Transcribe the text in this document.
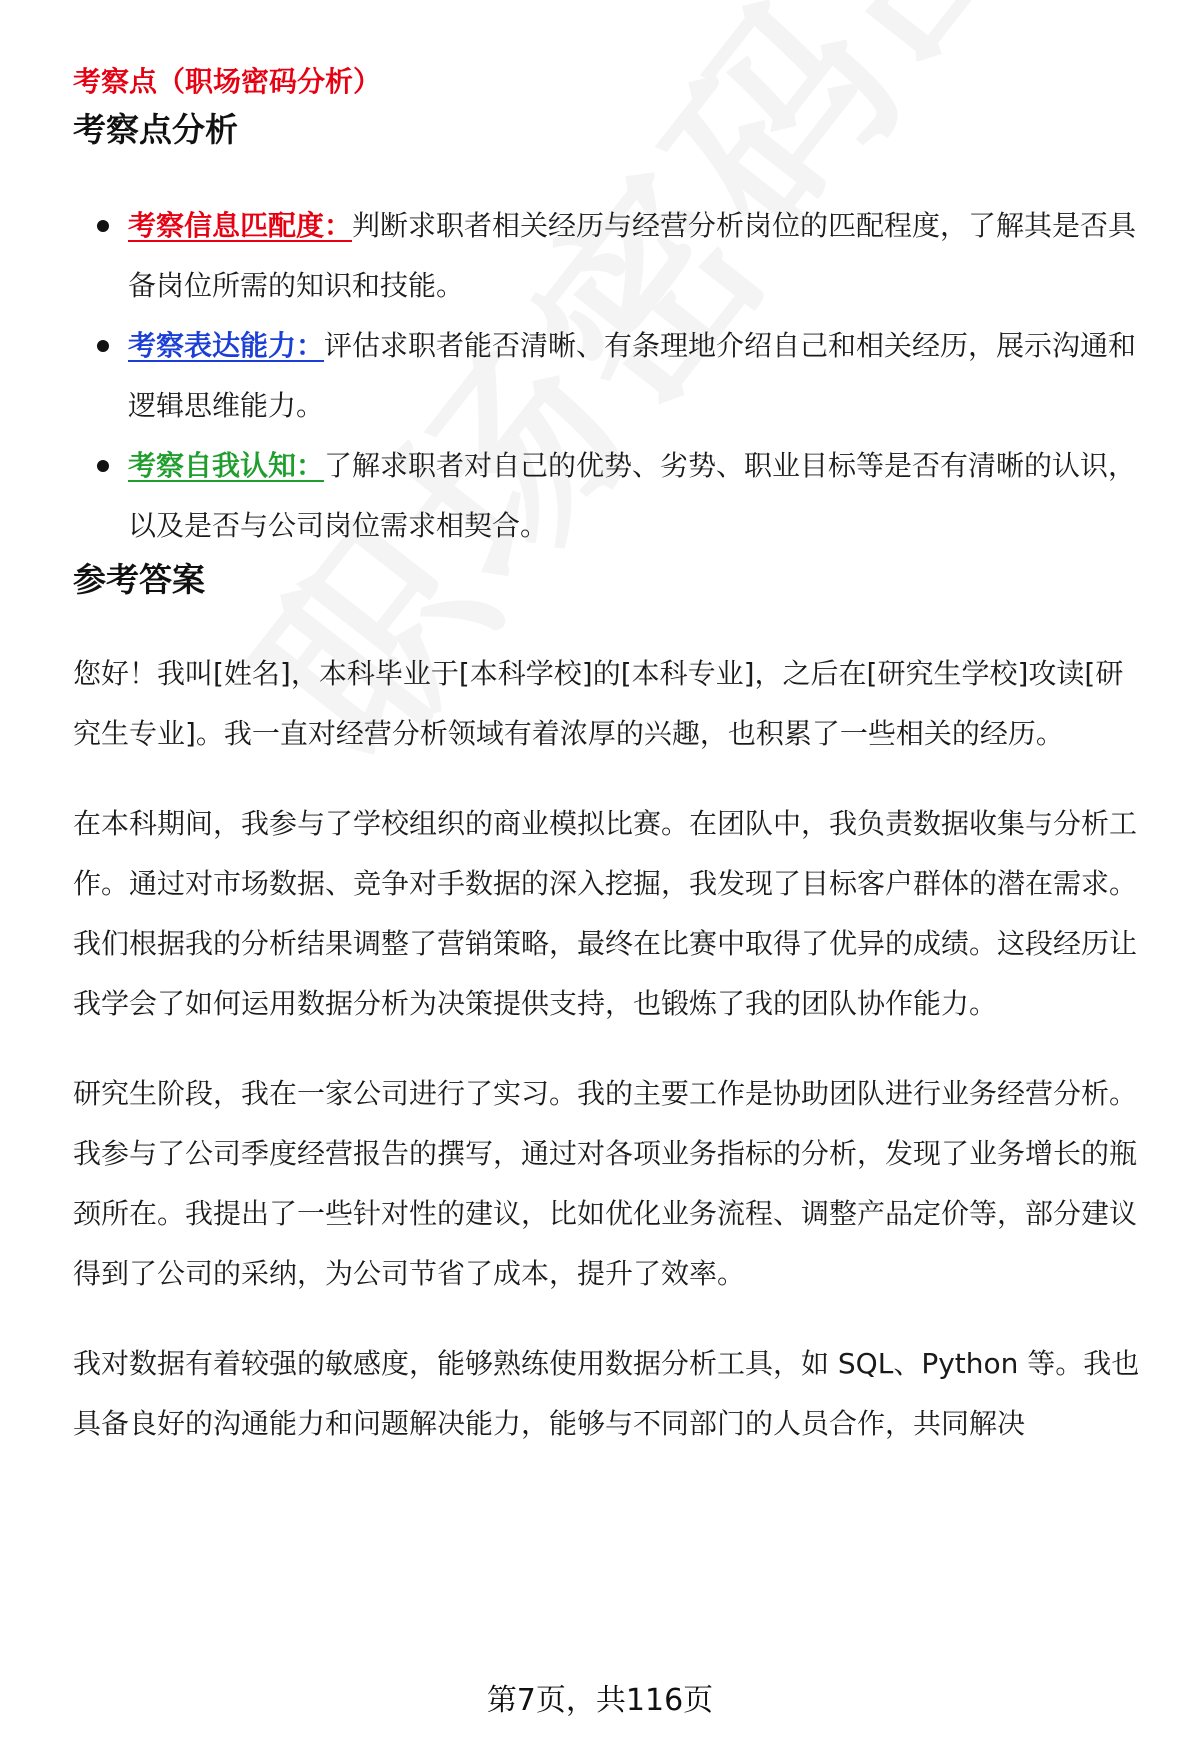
考察点（职场密码分析）

考察点分析
考察信息匹配度：判断求职者相关经历与经营分析岗位的匹配程度，了解其是否具备岗位所需的知识和技能。
考察表达能力：评估求职者能否清晰、有条理地介绍自己和相关经历，展示沟通和逻辑思维能力。
考察自我认知：了解求职者对自己的优势、劣势、职业目标等是否有清晰的认识，以及是否与公司岗位需求相契合。
参考答案

您好！我叫[姓名]，本科毕业于[本科学校]的[本科专业]，之后在[研究生学校]攻读[研究生专业]。我一直对经营分析领域有着浓厚的兴趣，也积累了一些相关的经历。

在本科期间，我参与了学校组织的商业模拟比赛。在团队中，我负责数据收集与分析工作。通过对市场数据、竞争对手数据的深入挖掘，我发现了目标客户群体的潜在需求。我们根据我的分析结果调整了营销策略，最终在比赛中取得了优异的成绩。这段经历让我学会了如何运用数据分析为决策提供支持，也锻炼了我的团队协作能力。

研究生阶段，我在一家公司进行了实习。我的主要工作是协助团队进行业务经营分析。我参与了公司季度经营报告的撰写，通过对各项业务指标的分析，发现了业务增长的瓶颈所在。我提出了一些针对性的建议，比如优化业务流程、调整产品定价等，部分建议得到了公司的采纳，为公司节省了成本，提升了效率。

我对数据有着较强的敏感度，能够熟练使用数据分析工具，如 SQL、Python 等。我也具备良好的沟通能力和问题解决能力，能够与不同部门的人员合作，共同解决

第7页，共116页
